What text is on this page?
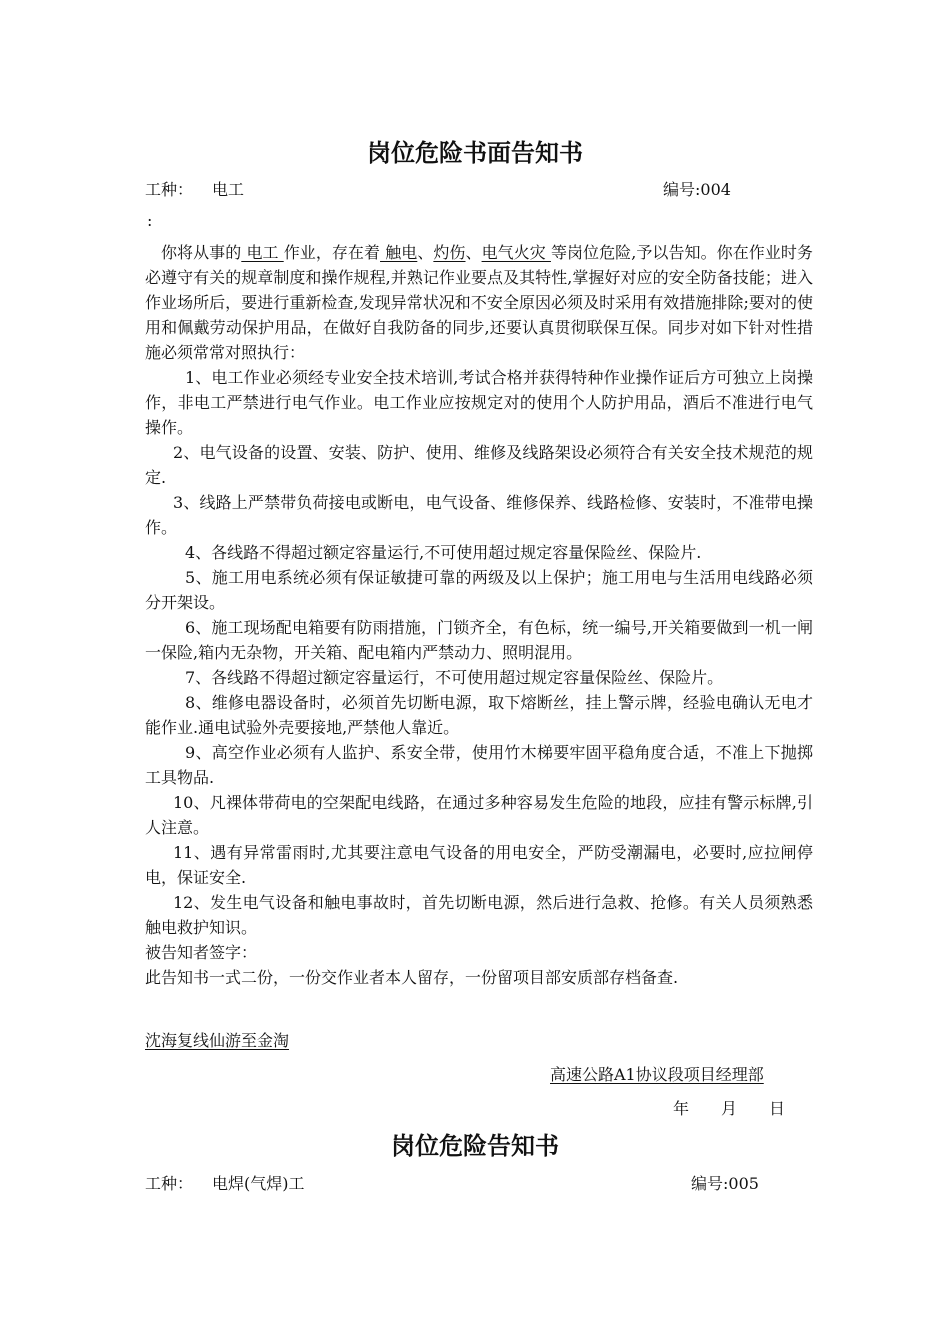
岗位危险书面告知书
工种： 电工	编号:004
:

你将从事的 电工 作业，存在着 触电、灼伤、电气火灾 等岗位危险,予以告知。你在作业时务必遵守有关的规章制度和操作规程,并熟记作业要点及其特性,掌握好对应的安全防备技能；进入作业场所后，要进行重新检查,发现异常状况和不安全原因必须及时采用有效措施排除;要对的使用和佩戴劳动保护用品，在做好自我防备的同步,还要认真贯彻联保互保。同步对如下针对性措施必须常常对照执行：

1、电工作业必须经专业安全技术培训,考试合格并获得特种作业操作证后方可独立上岗操作，非电工严禁进行电气作业。电工作业应按规定对的使用个人防护用品，酒后不准进行电气操作。

2、电气设备的设置、安装、防护、使用、维修及线路架设必须符合有关安全技术规范的规定.

3、线路上严禁带负荷接电或断电，电气设备、维修保养、线路检修、安装时，不准带电操作。

4、各线路不得超过额定容量运行,不可使用超过规定容量保险丝、保险片.

5、施工用电系统必须有保证敏捷可靠的两级及以上保护；施工用电与生活用电线路必须分开架设。

6、施工现场配电箱要有防雨措施，门锁齐全，有色标，统一编号,开关箱要做到一机一闸一保险,箱内无杂物，开关箱、配电箱内严禁动力、照明混用。

7、各线路不得超过额定容量运行，不可使用超过规定容量保险丝、保险片。

8、维修电器设备时，必须首先切断电源，取下熔断丝，挂上警示牌，经验电确认无电才能作业.通电试验外壳要接地,严禁他人靠近。

9、高空作业必须有人监护、系安全带，使用竹木梯要牢固平稳角度合适，不准上下抛掷工具物品.

10、凡裸体带荷电的空架配电线路，在通过多种容易发生危险的地段，应挂有警示标牌,引人注意。

11、遇有异常雷雨时,尤其要注意电气设备的用电安全，严防受潮漏电，必要时,应拉闸停电，保证安全.

12、发生电气设备和触电事故时，首先切断电源，然后进行急救、抢修。有关人员须熟悉触电救护知识。

被告知者签字：

此告知书一式二份，一份交作业者本人留存，一份留项目部安质部存档备查.

沈海复线仙游至金淘
高速公路A1协议段项目经理部
年　　月　　日
岗位危险告知书
工种： 电焊(气焊)工	编号:005
